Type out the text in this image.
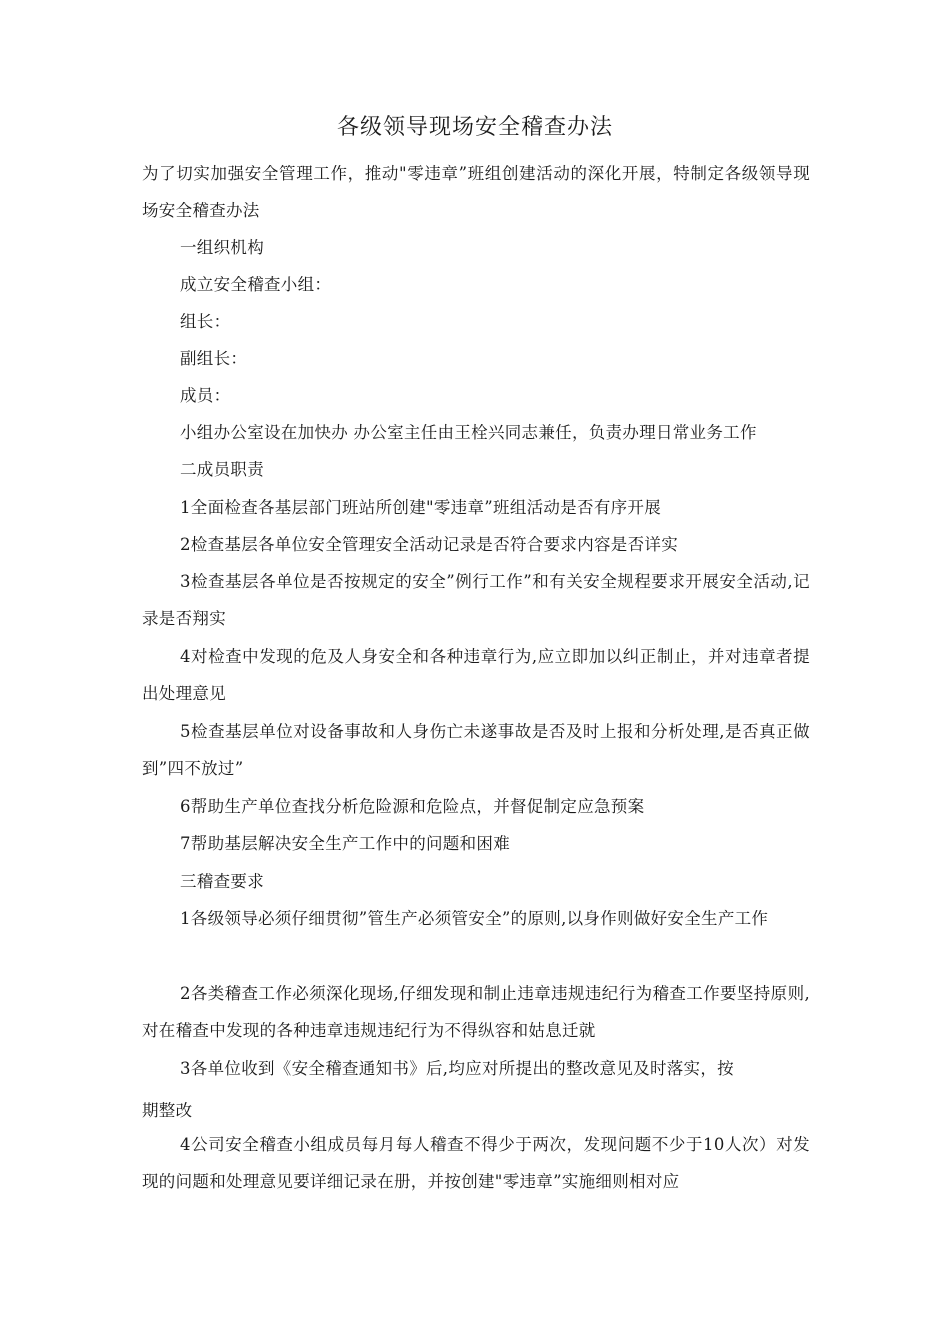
各级领导现场安全稽查办法

为了切实加强安全管理工作，推动"零违章”班组创建活动的深化开展，特制定各级领导现场安全稽查办法

一组织机构

成立安全稽查小组：

组长：

副组长：

成员：

小组办公室设在加快办 办公室主任由王栓兴同志兼任，负责办理日常业务工作

二成员职责

1全面检查各基层部门班站所创建"零违章”班组活动是否有序开展

2检查基层各单位安全管理安全活动记录是否符合要求内容是否详实

3检查基层各单位是否按规定的安全”例行工作”和有关安全规程要求开展安全活动,记录是否翔实

4对检查中发现的危及人身安全和各种违章行为,应立即加以纠正制止，并对违章者提出处理意见

5检查基层单位对设备事故和人身伤亡未遂事故是否及时上报和分析处理,是否真正做到”四不放过”

6帮助生产单位查找分析危险源和危险点，并督促制定应急预案

7帮助基层解决安全生产工作中的问题和困难

三稽查要求

1各级领导必须仔细贯彻”管生产必须管安全”的原则,以身作则做好安全生产工作

2各类稽查工作必须深化现场,仔细发现和制止违章违规违纪行为稽查工作要坚持原则,对在稽查中发现的各种违章违规违纪行为不得纵容和姑息迁就

3各单位收到《安全稽查通知书》后,均应对所提出的整改意见及时落实，按

期整改

4公司安全稽查小组成员每月每人稽查不得少于两次，发现问题不少于10人次）对发现的问题和处理意见要详细记录在册，并按创建"零违章”实施细则相对应
